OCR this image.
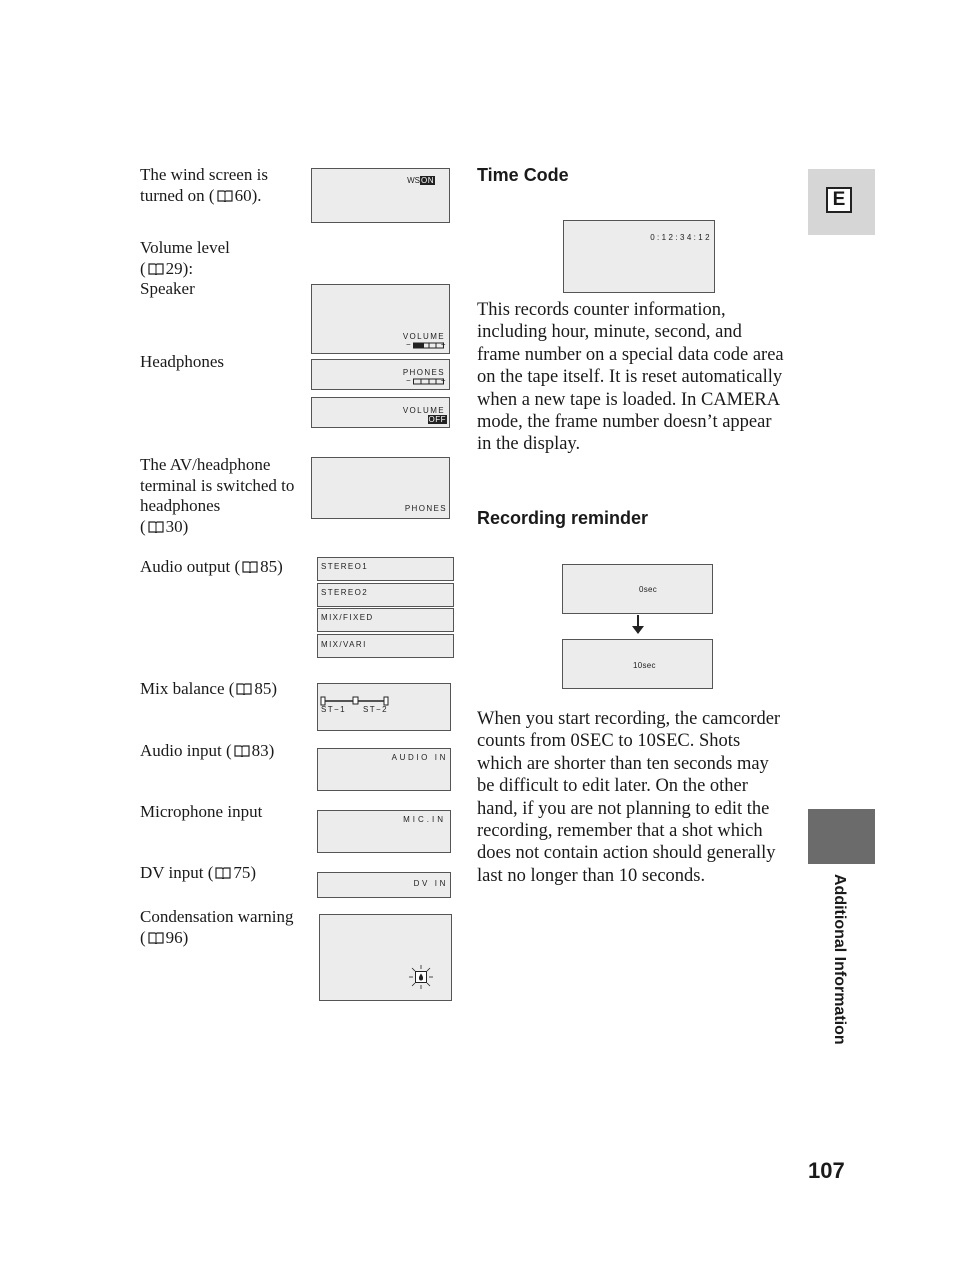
The wind screen is turned on ( 60).
Volume level
( 29):
Speaker
Headphones
The AV/headphone terminal is switched to headphones
( 30)
Audio output ( 85)
Mix balance ( 85)
Audio input ( 83)
Microphone input
DV input ( 75)
Condensation warning
( 96)
WSON
VOLUME
−	+
PHONES
−	+
VOLUME
OFF
PHONES
STEREO1
STEREO2
MIX/FIXED
MIX/VARI
ST−1 ST−2
AUDIO IN
MIC.IN
DV IN
Time Code
0:12:34:12

This records counter information, including hour, minute, second, and frame number on a special data code area on the tape itself. It is reset automatically when a new tape is loaded. In CAMERA mode, the frame number doesn’t appear in the display.

Recording reminder
0sec
10sec

When you start recording, the camcorder counts from 0SEC to 10SEC. Shots which are shorter than ten seconds may be difficult to edit later. On the other hand, if you are not planning to edit the recording, remember that a shot which does not contain action should generally last no longer than 10 seconds.

E
Additional Information
107
